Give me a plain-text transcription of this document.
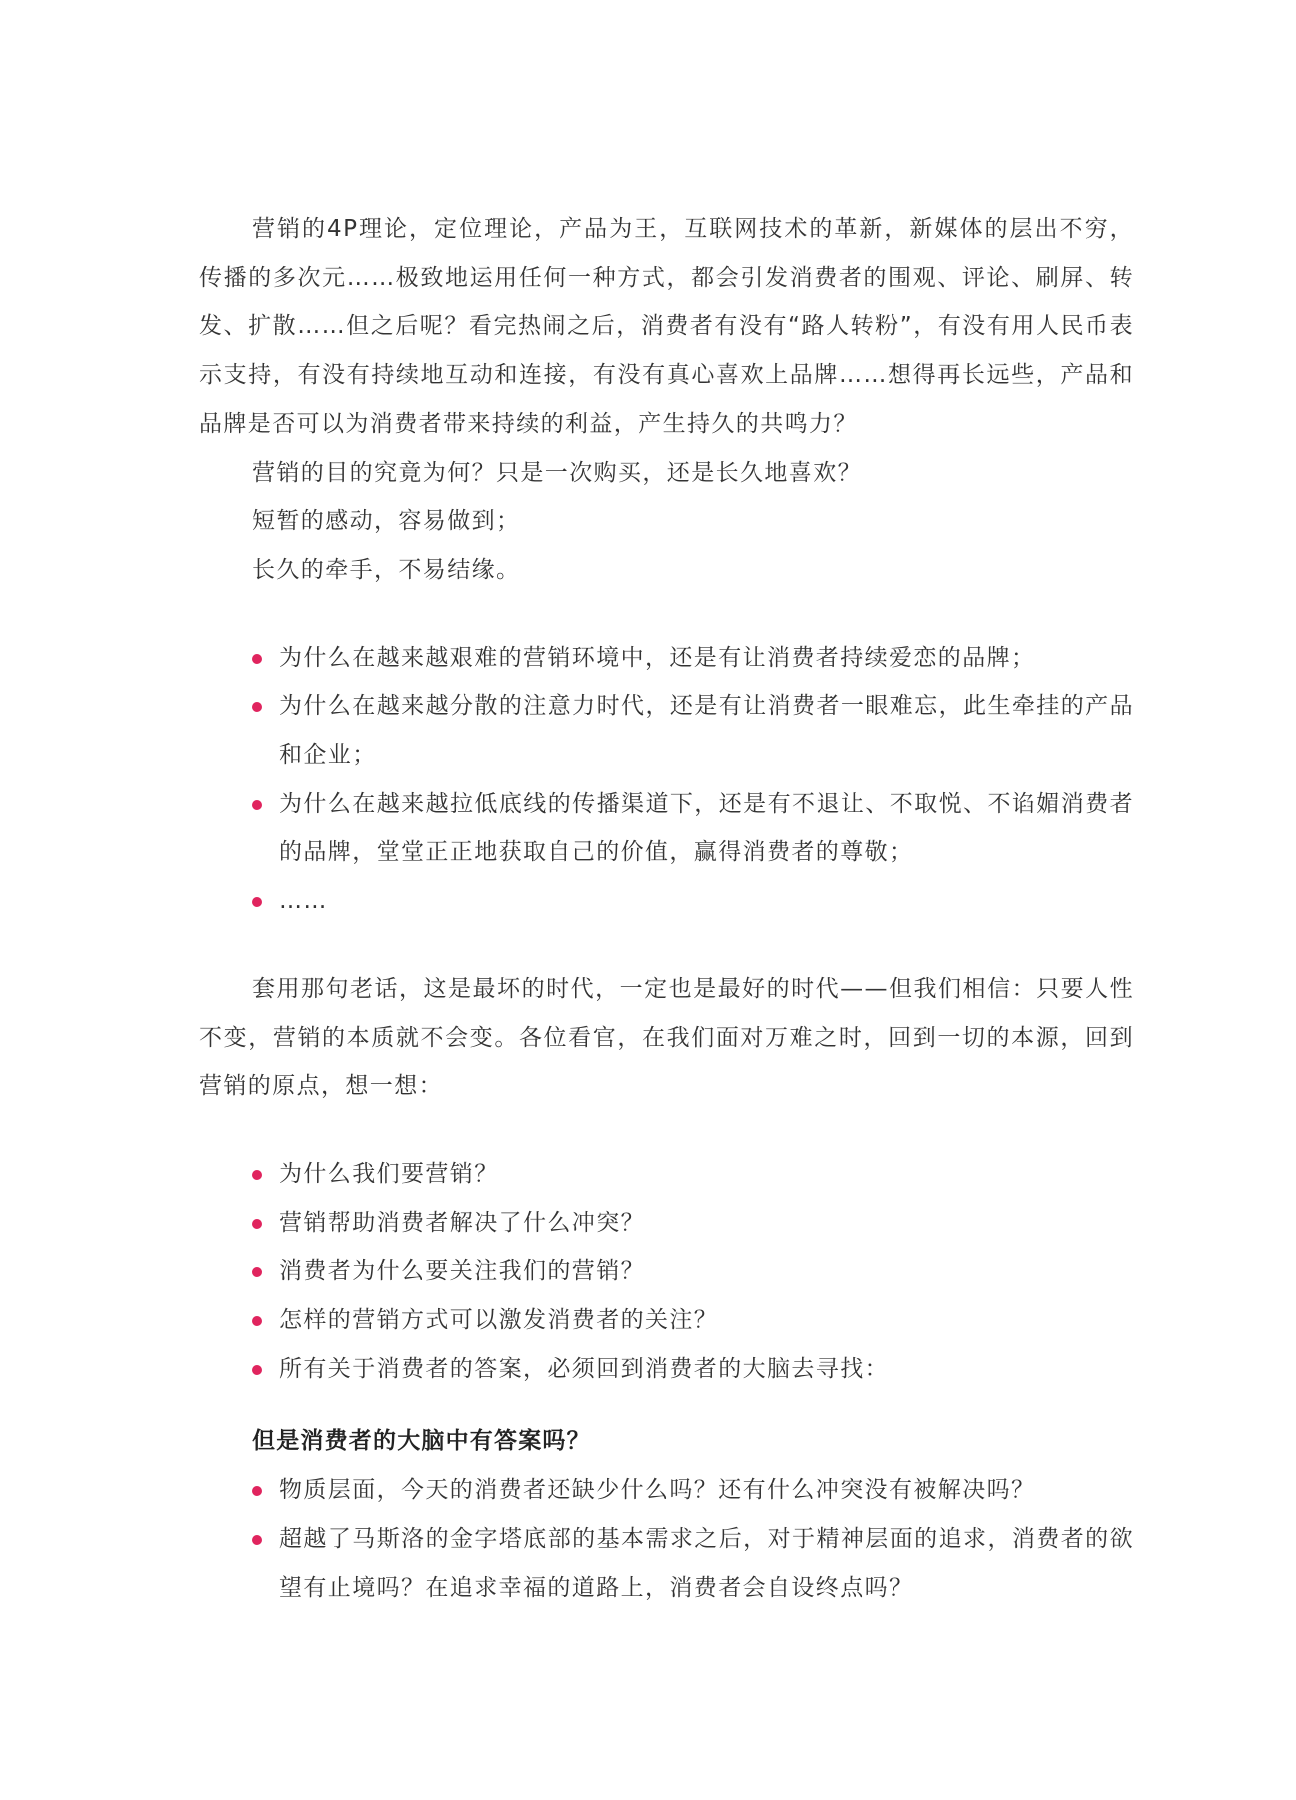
营销的4P理论，定位理论，产品为王，互联网技术的革新，新媒体的层出不穷，传播的多次元……极致地运用任何一种方式，都会引发消费者的围观、评论、刷屏、转发、扩散……但之后呢？看完热闹之后，消费者有没有“路人转粉”，有没有用人民币表示支持，有没有持续地互动和连接，有没有真心喜欢上品牌……想得再长远些，产品和品牌是否可以为消费者带来持续的利益，产生持久的共鸣力？

营销的目的究竟为何？只是一次购买，还是长久地喜欢？

短暂的感动，容易做到；

长久的牵手，不易结缘。

为什么在越来越艰难的营销环境中，还是有让消费者持续爱恋的品牌；
为什么在越来越分散的注意力时代，还是有让消费者一眼难忘，此生牵挂的产品和企业；
为什么在越来越拉低底线的传播渠道下，还是有不退让、不取悦、不谄媚消费者的品牌，堂堂正正地获取自己的价值，赢得消费者的尊敬；
……

套用那句老话，这是最坏的时代，一定也是最好的时代——但我们相信：只要人性不变，营销的本质就不会变。各位看官，在我们面对万难之时，回到一切的本源，回到营销的原点，想一想：

为什么我们要营销？
营销帮助消费者解决了什么冲突？
消费者为什么要关注我们的营销？
怎样的营销方式可以激发消费者的关注？
所有关于消费者的答案，必须回到消费者的大脑去寻找：

但是消费者的大脑中有答案吗？

物质层面，今天的消费者还缺少什么吗？还有什么冲突没有被解决吗？
超越了马斯洛的金字塔底部的基本需求之后，对于精神层面的追求，消费者的欲望有止境吗？在追求幸福的道路上，消费者会自设终点吗？
